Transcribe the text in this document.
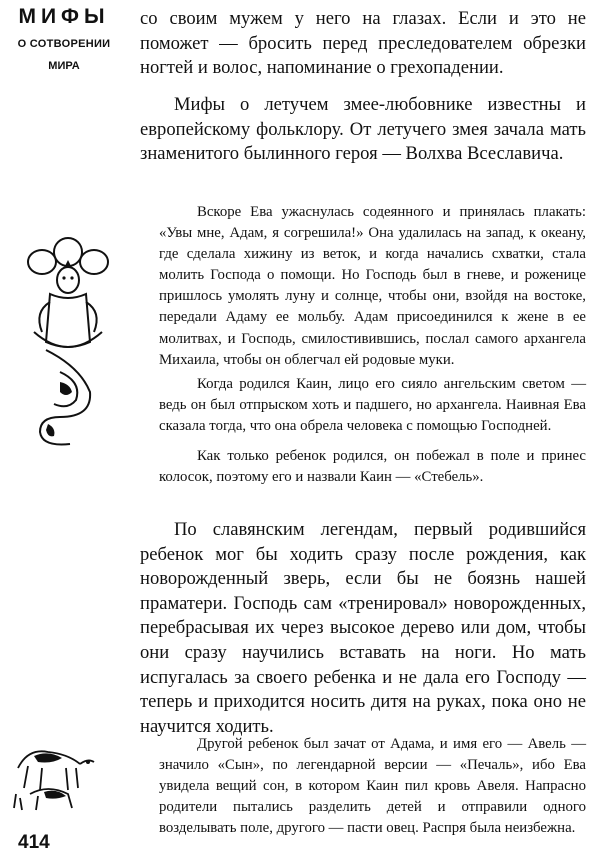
МИФЫ
О СОТВОРЕНИИ
МИРА
414

со своим мужем у него на глазах. Если и это не поможет — бросить перед преследователем обрезки ногтей и волос, напоминание о грехопадении.

Мифы о летучем змее-любовнике известны и европейскому фольклору. От летучего змея зачала мать знаменитого былинного героя — Волхва Всеславича.

Вскоре Ева ужаснулась содеянного и принялась плакать: «Увы мне, Адам, я согрешила!» Она удалилась на запад, к океану, где сделала хижину из веток, и когда начались схватки, стала молить Господа о помощи. Но Господь был в гневе, и роженице пришлось умолять луну и солнце, чтобы они, взойдя на востоке, передали Адаму ее мольбу. Адам присоединился к жене в ее молитвах, и Господь, смилостивившись, послал самого архангела Михаила, чтобы он облегчал ей родовые муки.

Когда родился Каин, лицо его сияло ангельским светом — ведь он был отпрыском хоть и падшего, но архангела. Наивная Ева сказала тогда, что она обрела человека с помощью Господней.

Как только ребенок родился, он побежал в поле и принес колосок, поэтому его и назвали Каин — «Стебель».

По славянским легендам, первый родившийся ребенок мог бы ходить сразу после рождения, как новорожденный зверь, если бы не боязнь нашей праматери. Господь сам «тренировал» новорожденных, перебрасывая их через высокое дерево или дом, чтобы они сразу научились вставать на ноги. Но мать испугалась за своего ребенка и не дала его Господу — теперь и приходится носить дитя на руках, пока оно не научится ходить.

Другой ребенок был зачат от Адама, и имя его — Авель — значило «Сын», по легендарной версии — «Печаль», ибо Ева увидела вещий сон, в котором Каин пил кровь Авеля. Напрасно родители пытались разделить детей и отправили одного возделывать поле, другого — пасти овец. Распря была неизбежна.
